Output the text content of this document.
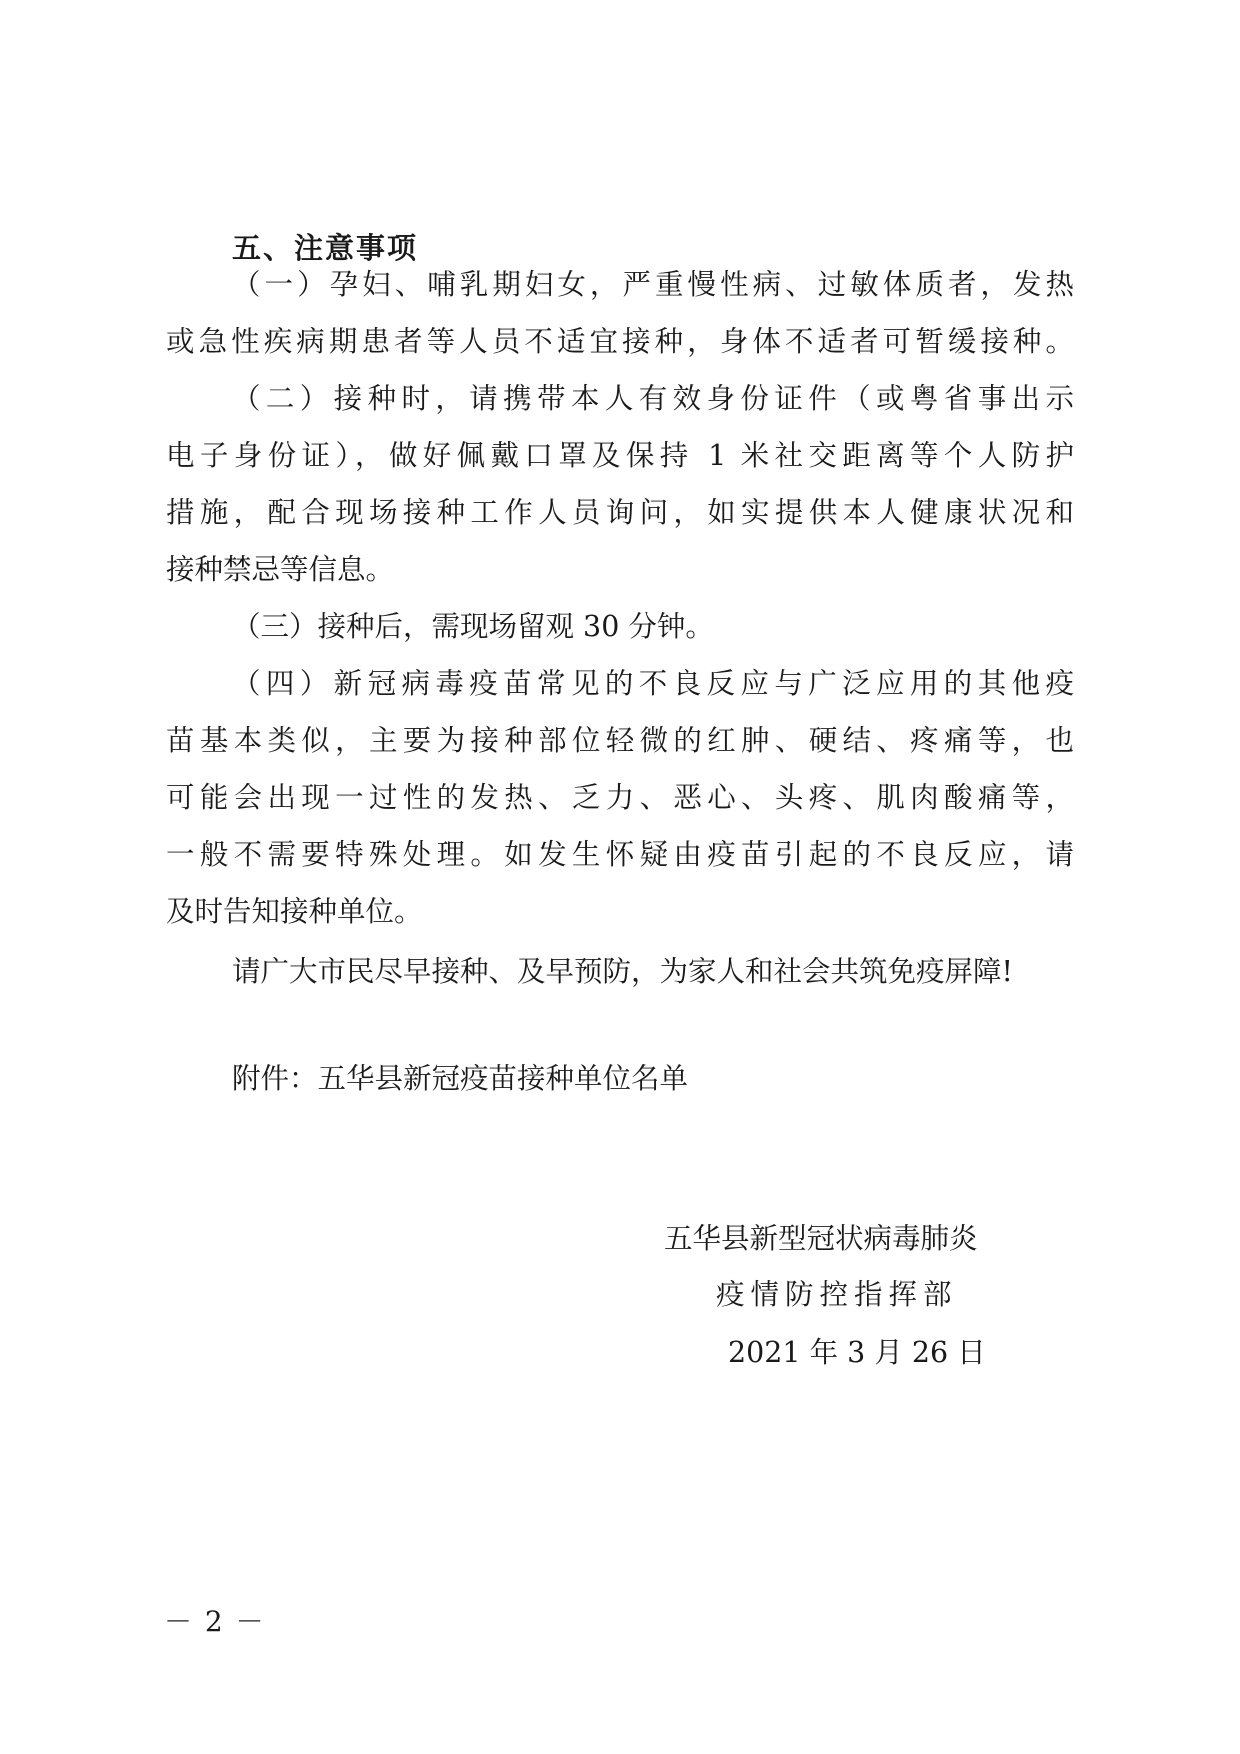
五、注意事项
（一）孕妇、哺乳期妇女，严重慢性病、过敏体质者，发热
或急性疾病期患者等人员不适宜接种，身体不适者可暂缓接种。
（二）接种时，请携带本人有效身份证件（或粤省事出示
电子身份证），做好佩戴口罩及保持 1 米社交距离等个人防护
措施，配合现场接种工作人员询问，如实提供本人健康状况和
接种禁忌等信息。
（三）接种后，需现场留观 30 分钟。
（四）新冠病毒疫苗常见的不良反应与广泛应用的其他疫
苗基本类似，主要为接种部位轻微的红肿、硬结、疼痛等，也
可能会出现一过性的发热、乏力、恶心、头疼、肌肉酸痛等，
一般不需要特殊处理。如发生怀疑由疫苗引起的不良反应，请
及时告知接种单位。
请广大市民尽早接种、及早预防，为家人和社会共筑免疫屏障!
附件：五华县新冠疫苗接种单位名单
五华县新型冠状病毒肺炎
疫情防控指挥部
2021 年 3 月 26 日
－ 2 －
